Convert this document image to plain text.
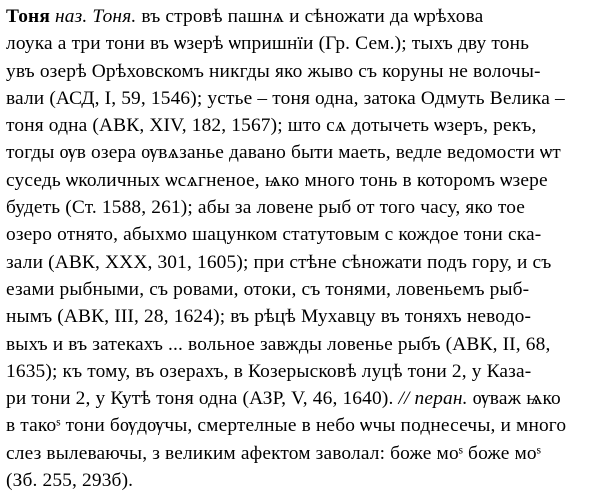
Тоня наз. Тоня. въ стровѣ пашнѧ и сѣножати да ѡрѣхова
лоука а три тони въ ѡзерѣ ѡпришнïи (Гр. Сем.); тыхъ дву тонь
увъ озерѣ Орѣховскомъ никгды яко жыво съ коруны не волочы-
вали (АСД, I, 59, 1546); устье – тоня одна, затока Одмуть Велика –
тоня одна (АВК, XIV, 182, 1567); што сѧ дотычеть ѡзеръ, рекъ,
тогды ѹв озера ѹвѧзанье давано быти маеть, ведле ведомости ѡт
суседь ѡколичных ѡсѧгненое, ѩко много тонь в которомъ ѡзере
будеть (Ст. 1588, 261); абы за ловене рыб от того часу, яко тое
озеро отнято, абыхмо шацунком статутовым с кождое тони ска-
зали (АВК, XXX, 301, 1605); при стѣне сѣножати подъ гору, и съ
езами рыбными, съ ровами, отоки, съ тонями, ловеньемъ рыб-
нымъ (АВК, III, 28, 1624); въ рѣцѣ Мухавцу въ тоняхъ неводо-
выхъ и въ затекахъ ... вольное завжды ловенье рыбъ (АВК, II, 68,
1635); къ тому, въ озерахъ, в Козерысковѣ луцѣ тони 2, у Каза-
ри тони 2, у Кутѣ тоня одна (АЗР, V, 46, 1640). // перан. ѹваж ѩко
в такоˢ тони бѹдѹчы, смертелные в небо ѡчы поднесечы, и много
слез вылеваючы, з великим афектом заволал: боже моˢ боже моˢ
(Зб. 255, 293б).
